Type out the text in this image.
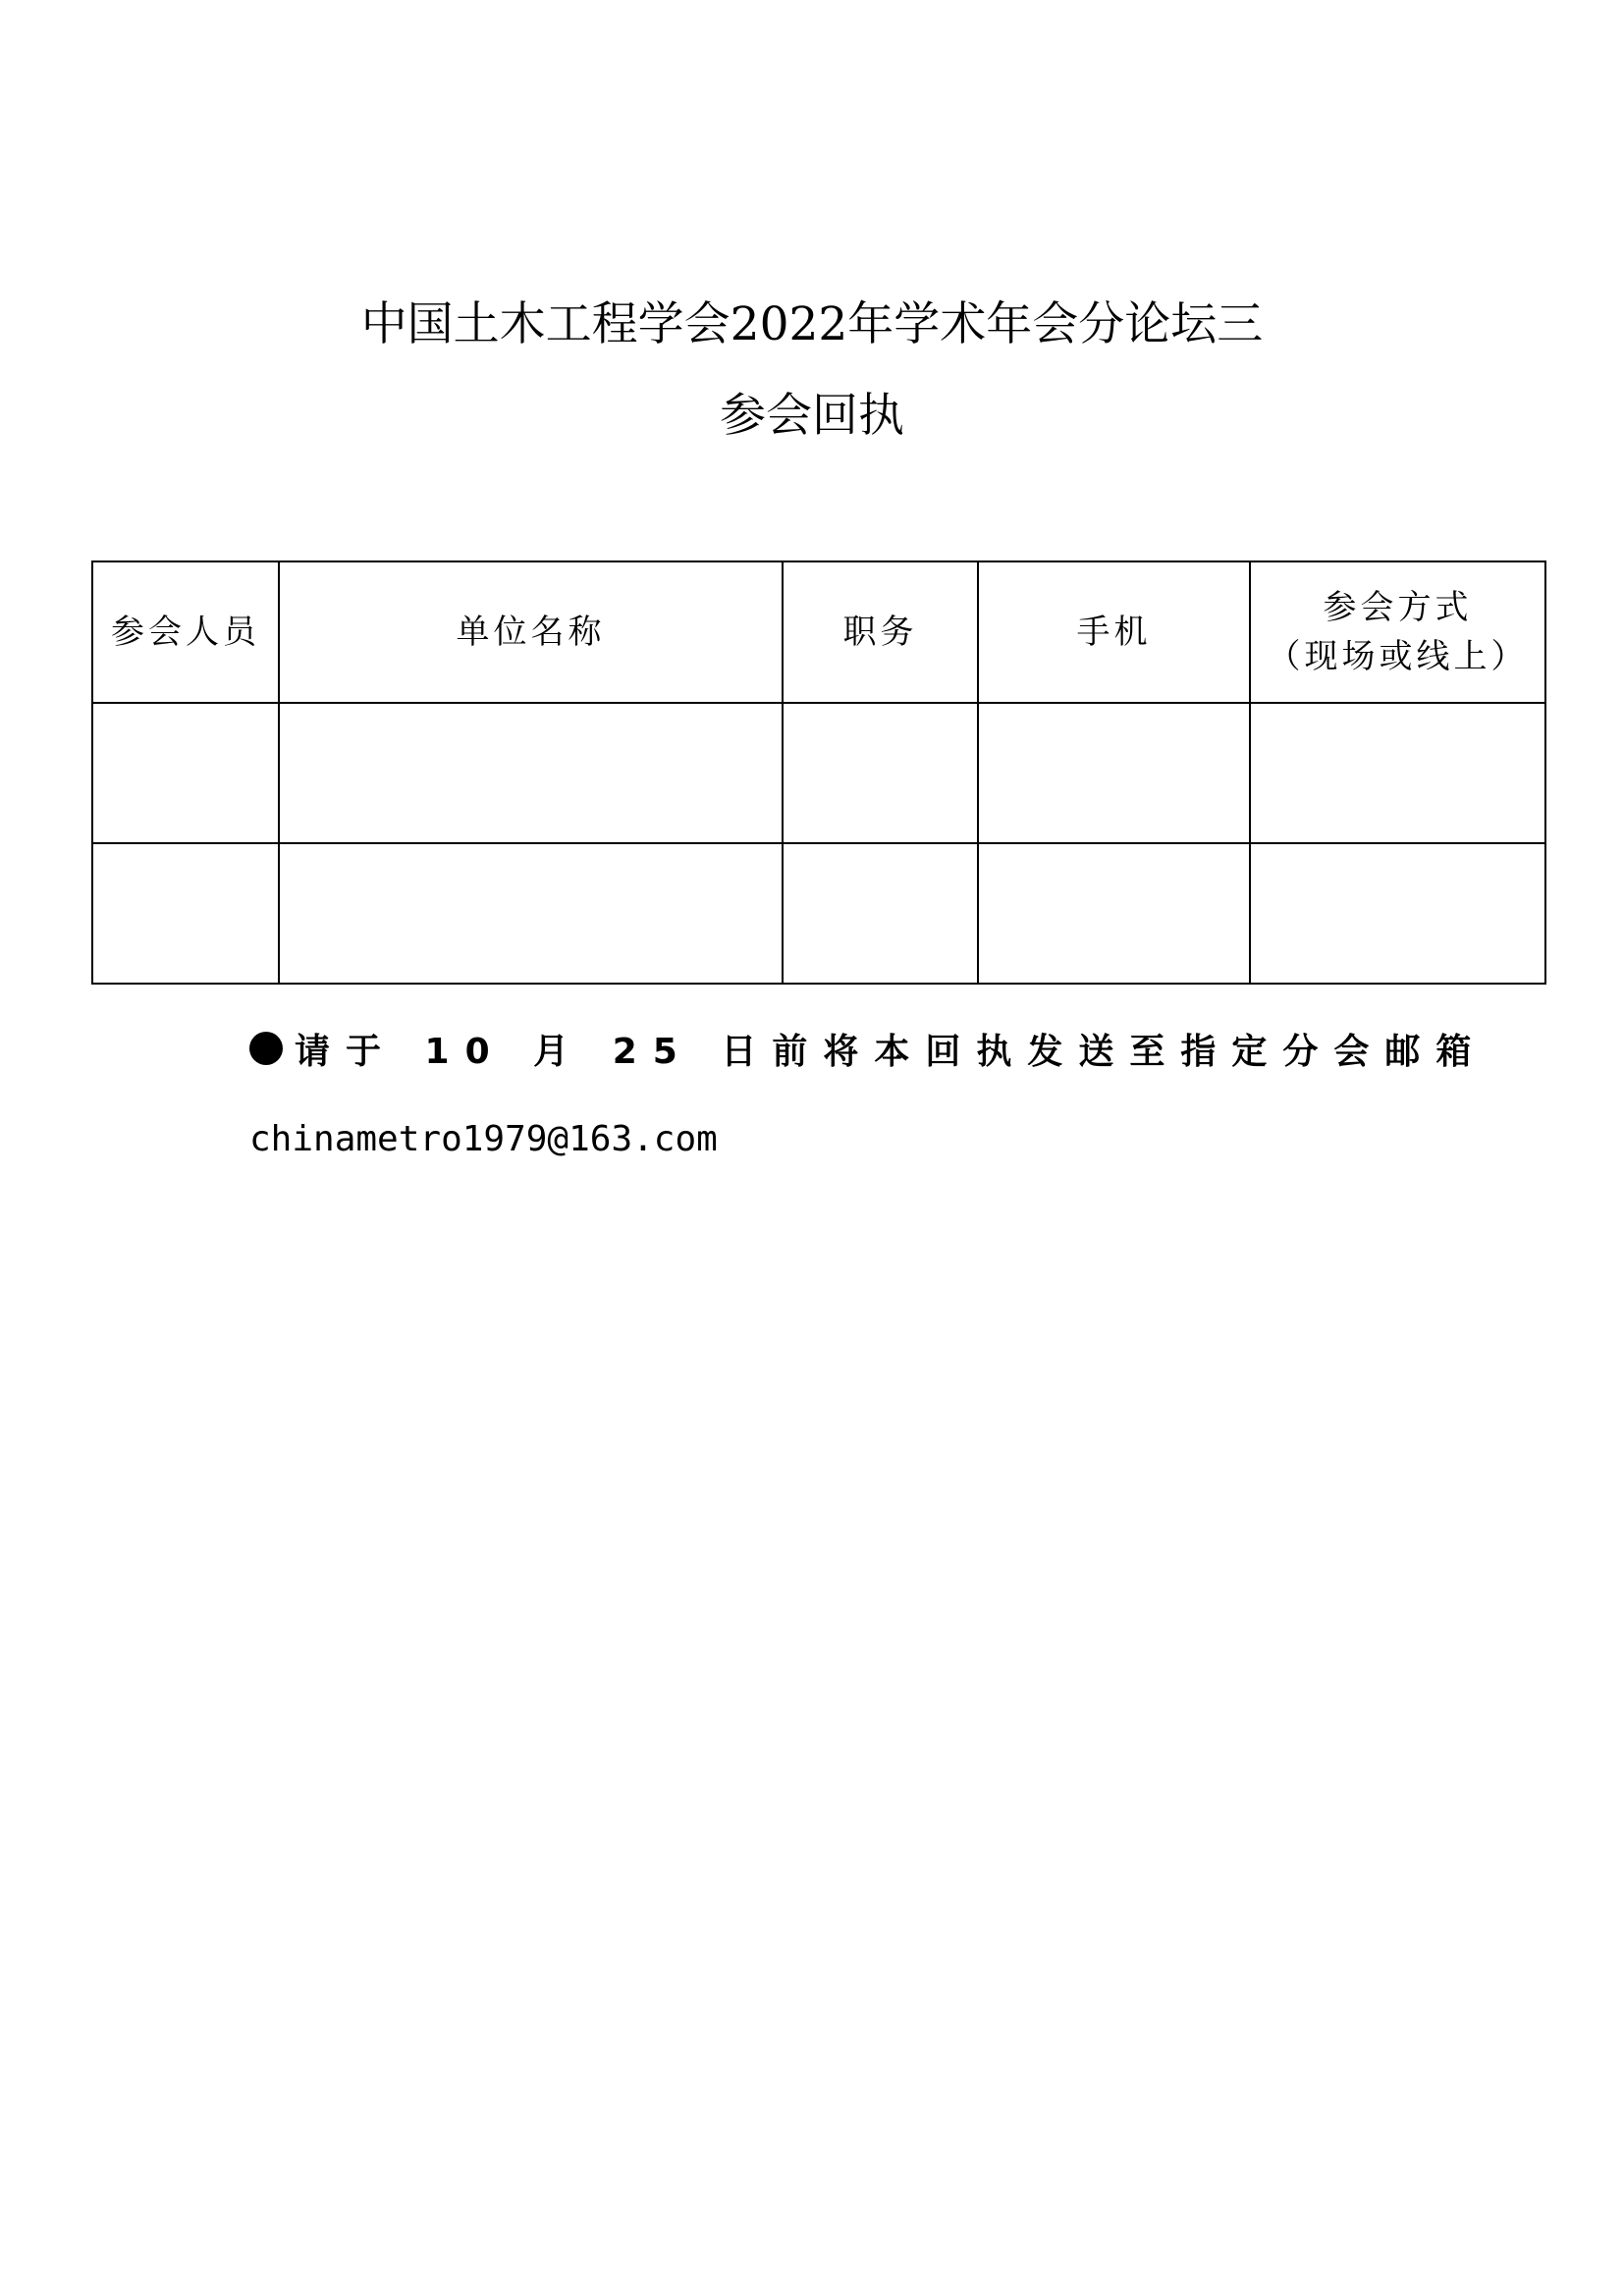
中国土木工程学会2022年学术年会分论坛三
参会回执
参会人员	单位名称	职务	手机	参会方式
（现场或线上）

请于 10 月 25 日前将本回执发送至指定分会邮箱
chinametro1979@163.com
